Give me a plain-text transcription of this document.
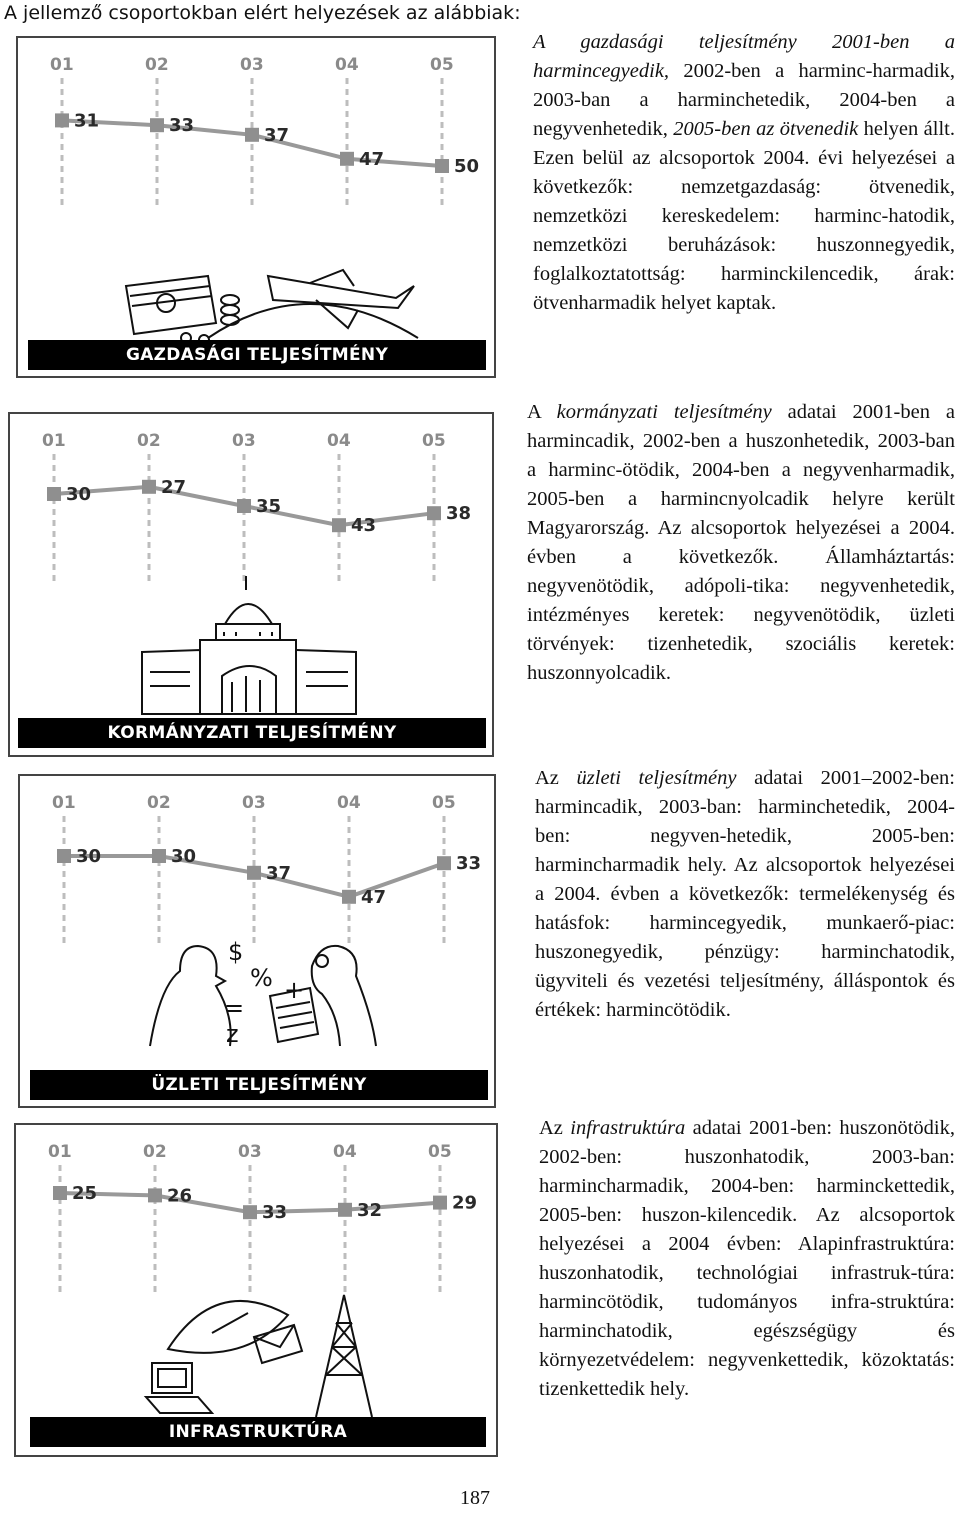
A jellemző csoportokban elért helyezések az alábbiak:
01	02	03	04	05
31	33	37
47	50
GAZDASÁGI TELJESÍTMÉNY

A gazdasági teljesítmény 2001-ben a harmincegyedik, 2002-ben a harminc-harmadik, 2003-ban a harminchetedik, 2004-ben a negyvenhetedik, 2005-ben az ötvenedik helyen állt. Ezen belül az alcsoportok 2004. évi helyezései a következők: nemzetgazdaság: ötvenedik, nemzetközi kereskedelem: harminc-hatodik, nemzetközi beruházások: huszonnegyedik, foglalkoztatottság: harminckilencedik, árak: ötvenharmadik helyet kaptak.

01	02	03	04	05
30	27
35
43
38
KORMÁNYZATI TELJESÍTMÉNY

A kormányzati teljesítmény adatai 2001-ben a harmincadik, 2002-ben a huszonhetedik, 2003-ban a harminc-ötödik, 2004-ben a negyvenharmadik, 2005-ben a harmincnyolcadik helyre került Magyarország. Az alcsoportok helyezései a 2004. évben a következők. Államháztartás: negyvenötödik, adópoli-tika: negyvenhetedik, intézményes keretek: negyvenötödik, üzleti törvények: tizenhetedik, szociális keretek: huszonnyolcadik.

01	02	03	04	05
30	30
37
47
33
$
% +
=
z
ÜZLETI TELJESÍTMÉNY

Az üzleti teljesítmény adatai 2001–2002-ben: harmincadik, 2003-ban: harminchetedik, 2004-ben: negyven-hetedik, 2005-ben: harmincharmadik hely. Az alcsoportok helyezései a 2004. évben a következők: termelékenység és hatásfok: harmincegyedik, munkaerő-piac: huszonegyedik, pénzügy: harminchatodik, ügyviteli és vezetési teljesítmény, álláspontok és értékek: harmincötödik.

01	02	03	04	05
25	26
33	32	29
INFRASTRUKTÚRA

Az infrastruktúra adatai 2001-ben: huszonötödik, 2002-ben: huszonhatodik, 2003-ban: harmincharmadik, 2004-ben: harminckettedik, 2005-ben: huszon-kilencedik. Az alcsoportok helyezései a 2004 évben: Alapinfrastruktúra: huszonhatodik, technológiai infrastruk-túra: harmincötödik, tudományos infra-struktúra: harminchatodik, egészségügy és környezetvédelem: negyvenkettedik, közoktatás: tizenkettedik hely.

187
